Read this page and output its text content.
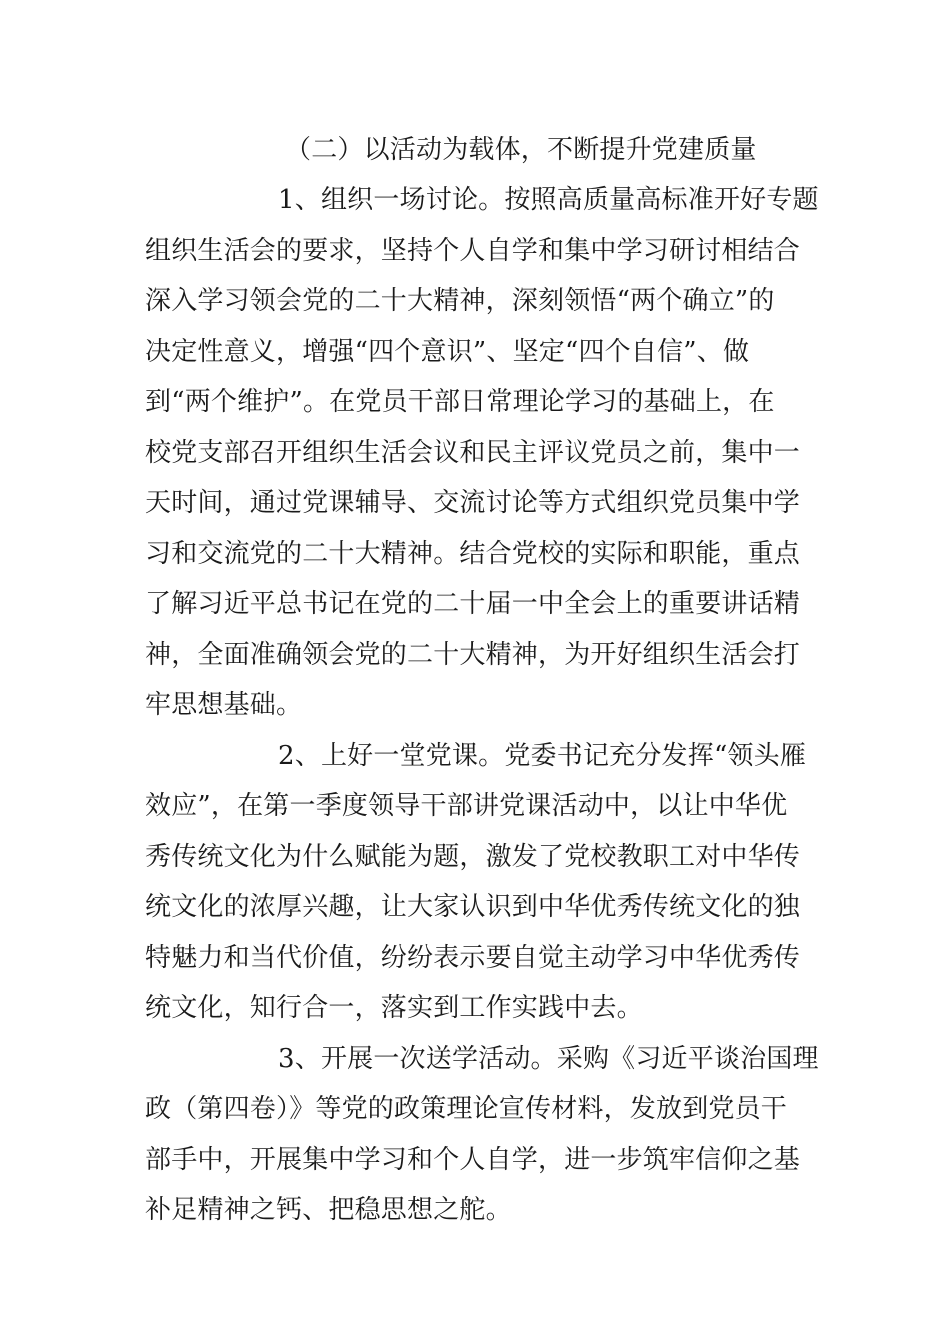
（二）以活动为载体，不断提升党建质量
1、组织一场讨论。按照高质量高标准开好专题
组织生活会的要求，坚持个人自学和集中学习研讨相结合
深入学习领会党的二十大精神，深刻领悟“两个确立”的
决定性意义，增强“四个意识”、坚定“四个自信”、做
到“两个维护”。在党员干部日常理论学习的基础上，在
校党支部召开组织生活会议和民主评议党员之前，集中一
天时间，通过党课辅导、交流讨论等方式组织党员集中学
习和交流党的二十大精神。结合党校的实际和职能，重点
了解习近平总书记在党的二十届一中全会上的重要讲话精
神，全面准确领会党的二十大精神，为开好组织生活会打
牢思想基础。
2、上好一堂党课。党委书记充分发挥“领头雁
效应”，在第一季度领导干部讲党课活动中，以让中华优
秀传统文化为什么赋能为题，激发了党校教职工对中华传
统文化的浓厚兴趣，让大家认识到中华优秀传统文化的独
特魅力和当代价值，纷纷表示要自觉主动学习中华优秀传
统文化，知行合一，落实到工作实践中去。
3、开展一次送学活动。采购《习近平谈治国理
政（第四卷）》等党的政策理论宣传材料，发放到党员干
部手中，开展集中学习和个人自学，进一步筑牢信仰之基
补足精神之钙、把稳思想之舵。
